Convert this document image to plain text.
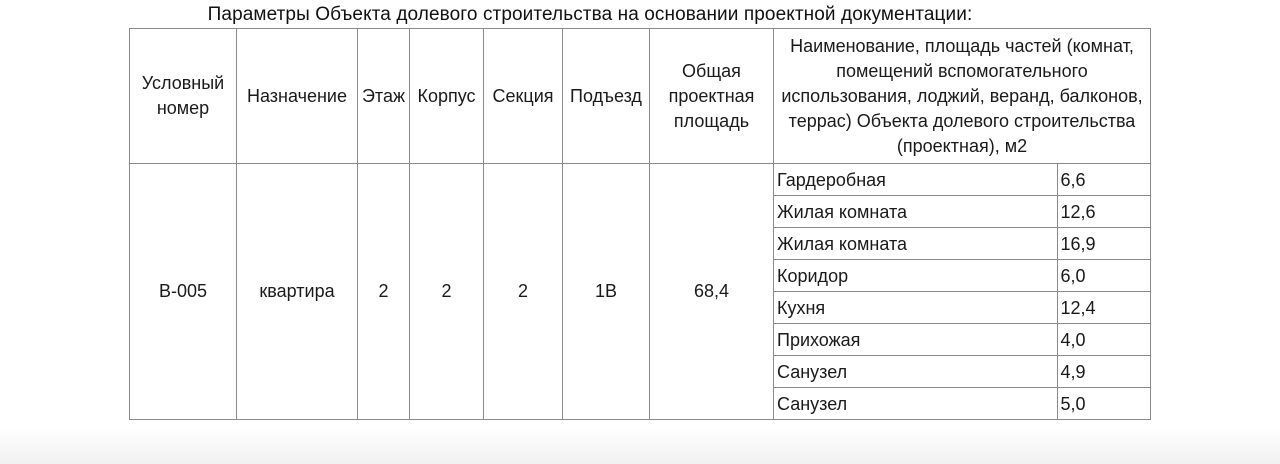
Параметры Объекта долевого строительства на основании проектной документации:
Условный номер	Назначение	Этаж	Корпус	Секция	Подъезд	Общая проектная площадь	Наименование, площадь частей (комнат, помещений вспомогательного использования, лоджий, веранд, балконов, террас) Объекта долевого строительства (проектная), м2
В-005	квартира	2	2	2	1В	68,4	
Гардеробная	6,6
Жилая комната	12,6
Жилая комната	16,9
Коридор	6,0
Кухня	12,4
Прихожая	4,0
Санузел	4,9
Санузел	5,0
